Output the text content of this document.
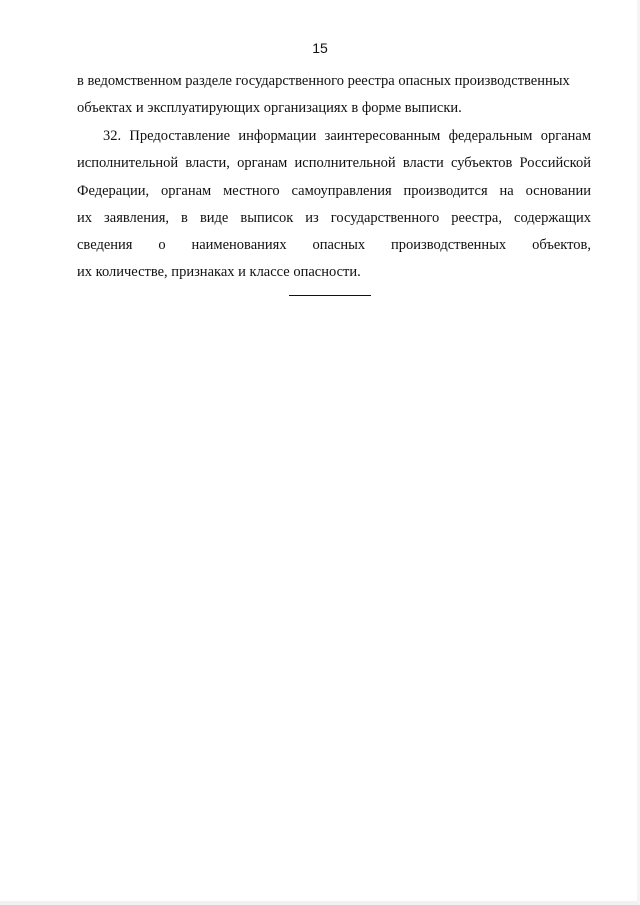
15
в ведомственном разделе государственного реестра опасных производственных
объектах и эксплуатирующих организациях в форме выписки.
32. Предоставление информации заинтересованным федеральным органам
исполнительной власти, органам исполнительной власти субъектов Российской
Федерации, органам местного самоуправления производится на основании
их заявления, в виде выписок из государственного реестра, содержащих
сведения о наименованиях опасных производственных объектов,
их количестве, признаках и классе опасности.
